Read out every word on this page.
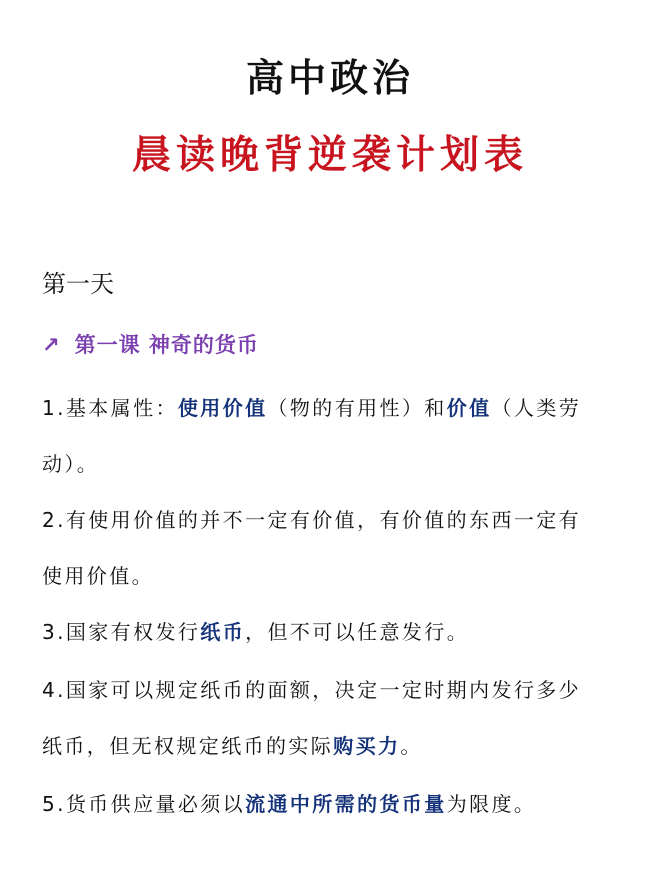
高中政治
晨读晚背逆袭计划表
第一天
↗ 第一课 神奇的货币
1.基本属性：使用价值（物的有用性）和价值（人类劳
动）。
2.有使用价值的并不一定有价值，有价值的东西一定有
使用价值。
3.国家有权发行纸币，但不可以任意发行。
4.国家可以规定纸币的面额，决定一定时期内发行多少
纸币，但无权规定纸币的实际购买力。
5.货币供应量必须以流通中所需的货币量为限度。
